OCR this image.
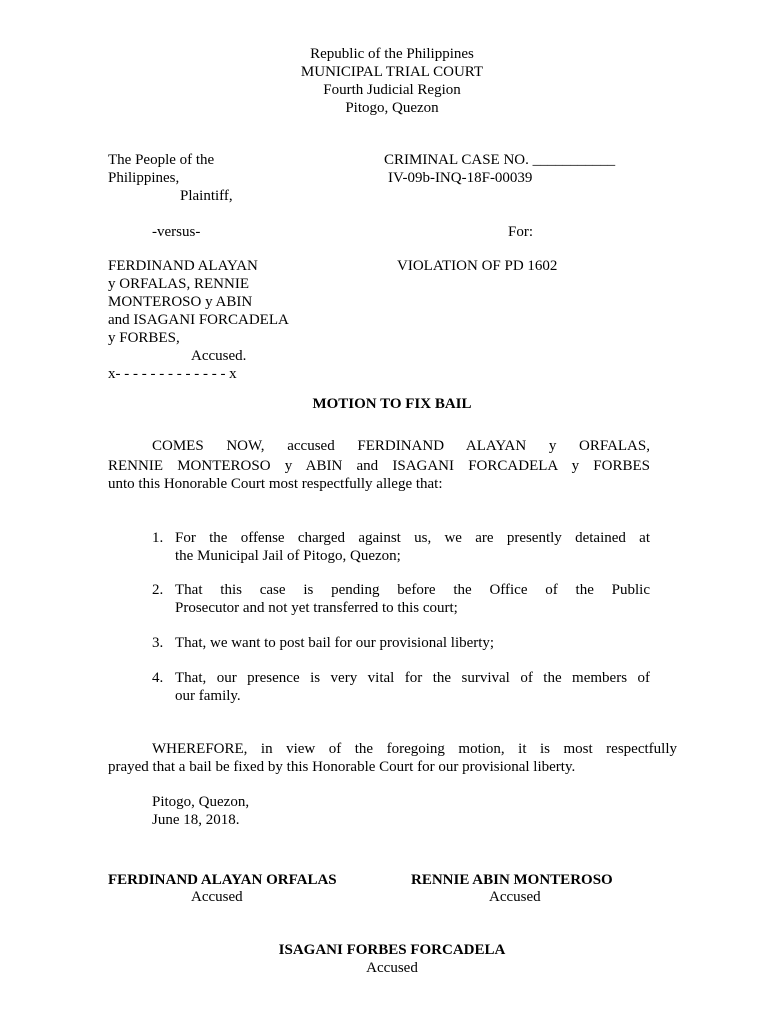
Republic of the Philippines
MUNICIPAL TRIAL COURT
Fourth Judicial Region
Pitogo, Quezon
The People of the
Philippines,
Plaintiff,
-versus-
FERDINAND ALAYAN
y ORFALAS, RENNIE
MONTEROSO y ABIN
and ISAGANI FORCADELA
y FORBES,
Accused.
x- - - - - - - - - - - - - x
CRIMINAL CASE NO. ___________
IV-09b-INQ-18F-00039
For:
VIOLATION OF PD 1602
MOTION TO FIX BAIL
COMES NOW, accused FERDINAND ALAYAN y ORFALAS,
RENNIE MONTEROSO y ABIN and ISAGANI FORCADELA y FORBES
unto this Honorable Court most respectfully allege that:
1. For the offense charged against us, we are presently detained at
the Municipal Jail of Pitogo, Quezon;
2. That this case is pending before the Office of the Public
Prosecutor and not yet transferred to this court;
3. That, we want to post bail for our provisional liberty;
4. That, our presence is very vital for the survival of the members of
our family.
WHEREFORE, in view of the foregoing motion, it is most respectfully
prayed that a bail be fixed by this Honorable Court for our provisional liberty.
Pitogo, Quezon,
June 18, 2018.
FERDINAND ALAYAN ORFALAS
Accused
RENNIE ABIN MONTEROSO
Accused
ISAGANI FORBES FORCADELA
Accused
